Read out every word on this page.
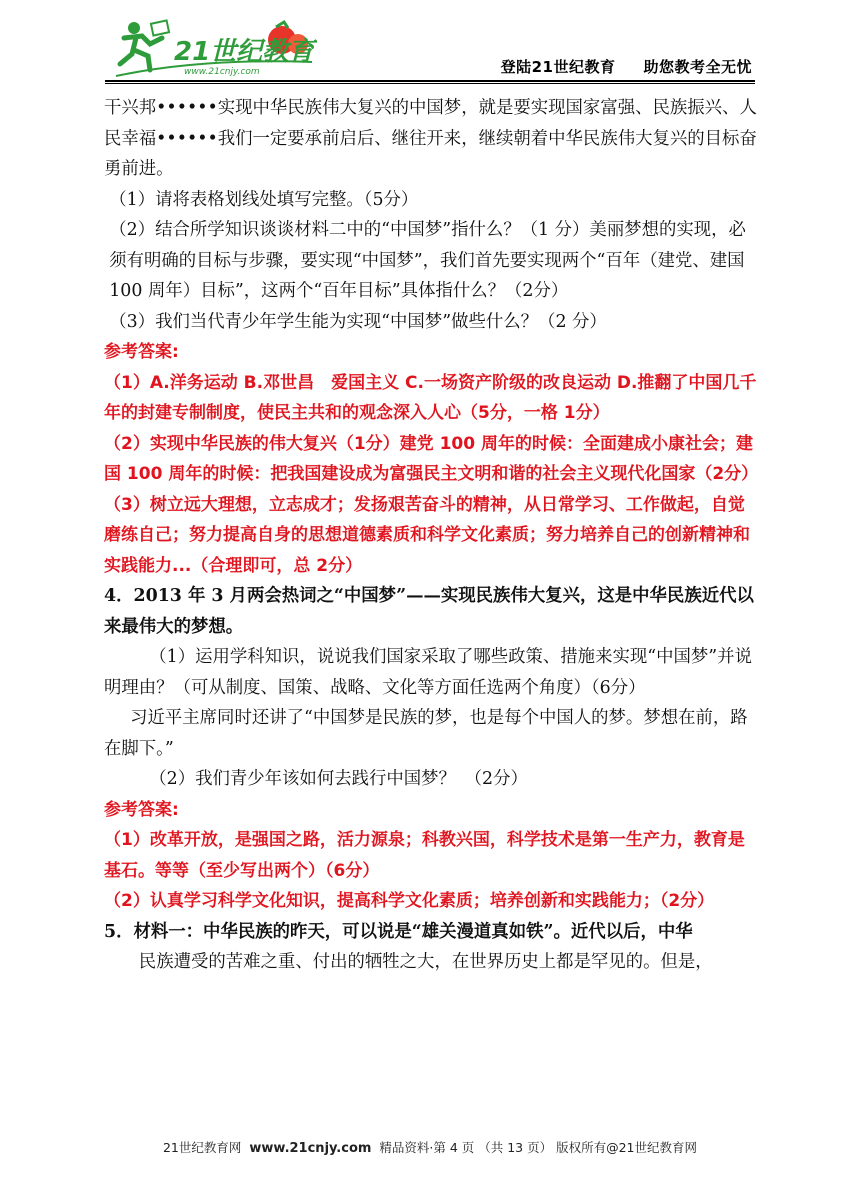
21世纪教育
www.21cnjy.com	登陆21世纪教育 助您教考全无忧

干兴邦••••••实现中华民族伟大复兴的中国梦，就是要实现国家富强、民族振兴、人民幸福••••••我们一定要承前启后、继往开来，继续朝着中华民族伟大复兴的目标奋勇前进。

（1）请将表格划线处填写完整。（5分）

（2）结合所学知识谈谈材料二中的“中国梦”指什么？（1 分）美丽梦想的实现，必须有明确的目标与步骤，要实现“中国梦”，我们首先要实现两个“百年（建党、建国 100 周年）目标”，这两个“百年目标”具体指什么？（2分）

（3）我们当代青少年学生能为实现“中国梦”做些什么？（2 分）

参考答案:

（1）A.洋务运动 B.邓世昌　爱国主义 C.一场资产阶级的改良运动 D.推翻了中国几千年的封建专制制度，使民主共和的观念深入人心（5分，一格 1分）

（2）实现中华民族的伟大复兴（1分）建党 100 周年的时候：全面建成小康社会；建国 100 周年的时候：把我国建设成为富强民主文明和谐的社会主义现代化国家（2分）

（3）树立远大理想，立志成才；发扬艰苦奋斗的精神，从日常学习、工作做起，自觉磨练自己；努力提高自身的思想道德素质和科学文化素质；努力培养自己的创新精神和实践能力...（合理即可，总 2分）

4．2013 年 3 月两会热词之“中国梦”——实现民族伟大复兴，这是中华民族近代以来最伟大的梦想。

（1）运用学科知识，说说我们国家采取了哪些政策、措施来实现“中国梦”并说明理由？（可从制度、国策、战略、文化等方面任选两个角度）（6分）

习近平主席同时还讲了“中国梦是民族的梦，也是每个中国人的梦。梦想在前，路在脚下。”

（2）我们青少年该如何去践行中国梦？　（2分）

参考答案:

（1）改革开放，是强国之路，活力源泉；科教兴国，科学技术是第一生产力，教育是基石。等等（至少写出两个）（6分）

（2）认真学习科学文化知识，提高科学文化素质；培养创新和实践能力；（2分）

5．材料一：中华民族的昨天，可以说是“雄关漫道真如铁”。近代以后，中华

民族遭受的苦难之重、付出的牺牲之大，在世界历史上都是罕见的。但是，

21世纪教育网 www.21cnjy.com 精品资料·第 4 页 （共 13 页） 版权所有@21世纪教育网
